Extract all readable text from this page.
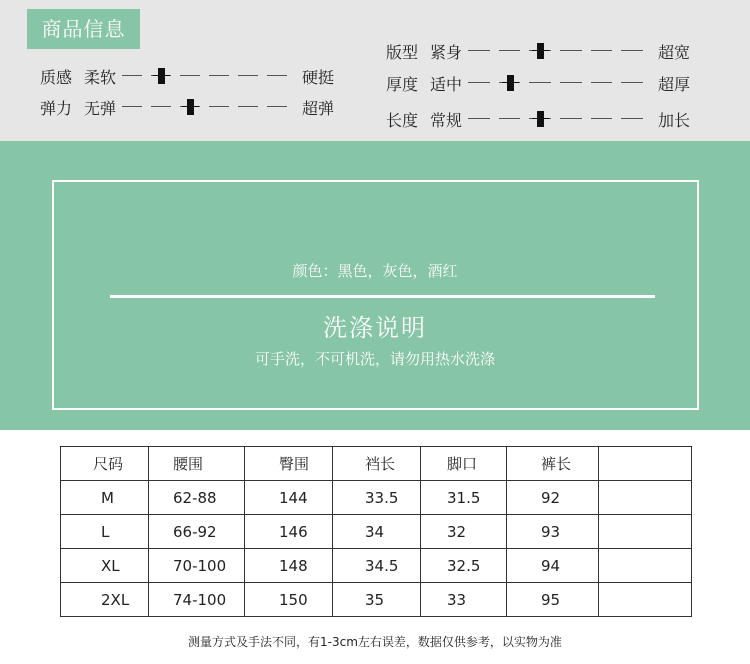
商品信息
质感 柔软	硬挺
弹力 无弹	超弹
版型 紧身	超宽
厚度 适中	超厚
长度 常规	加长
颜色：黑色，灰色，酒红
洗涤说明
可手洗，不可机洗，请勿用热水洗涤
尺码	腰围	臀围	裆长	脚口	裤长	
M	62-88	144	33.5	31.5	92	
L	66-92	146	34	32	93	
XL	70-100	148	34.5	32.5	94	
2XL	74-100	150	35	33	95	
测量方式及手法不同，有1-3cm左右误差，数据仅供参考，以实物为准
